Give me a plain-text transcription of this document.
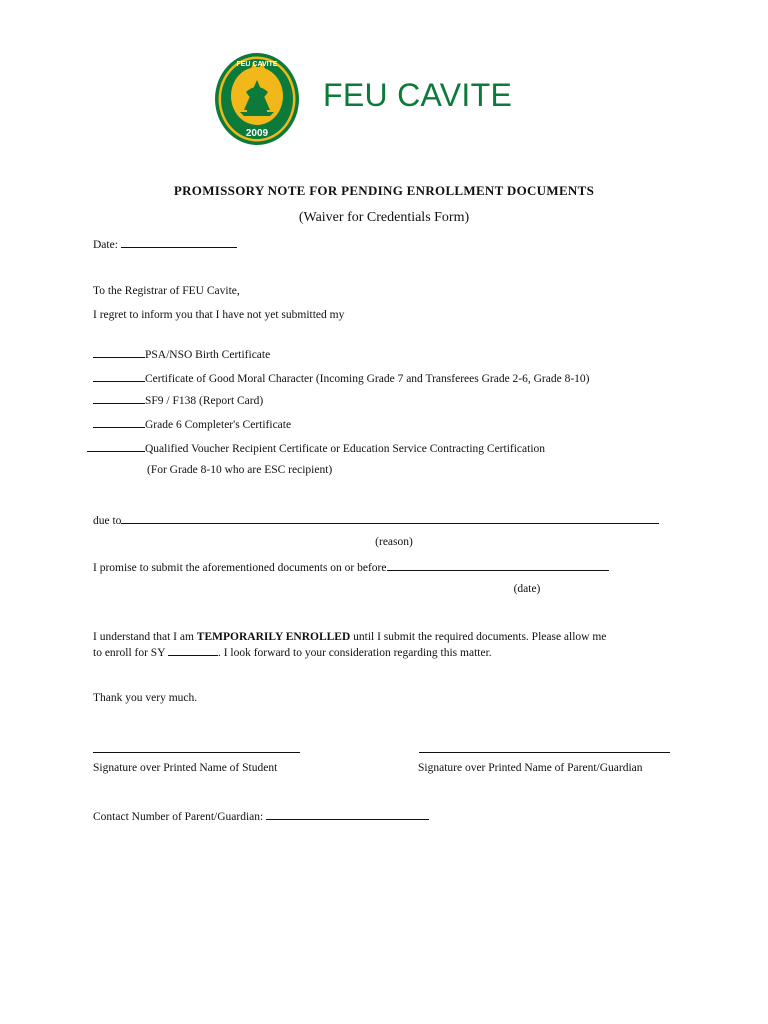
2009
FEU CAVITE
FEU CAVITE
PROMISSORY NOTE FOR PENDING ENROLLMENT DOCUMENTS
(Waiver for Credentials Form)
Date:
To the Registrar of FEU Cavite,
I regret to inform you that I have not yet submitted my
PSA/NSO Birth Certificate
Certificate of Good Moral Character (Incoming Grade 7 and Transferees Grade 2-6, Grade 8-10)
SF9 / F138 (Report Card)
Grade 6 Completer's Certificate
Qualified Voucher Recipient Certificate or Education Service Contracting Certification
(For Grade 8-10 who are ESC recipient)
due to
(reason)
I promise to submit the aforementioned documents on or before
(date)
I understand that I am TEMPORARILY ENROLLED until I submit the required documents. Please allow me
to enroll for SY	. I look forward to your consideration regarding this matter.
Thank you very much.
Signature over Printed Name of Student	Signature over Printed Name of Parent/Guardian
Contact Number of Parent/Guardian:
